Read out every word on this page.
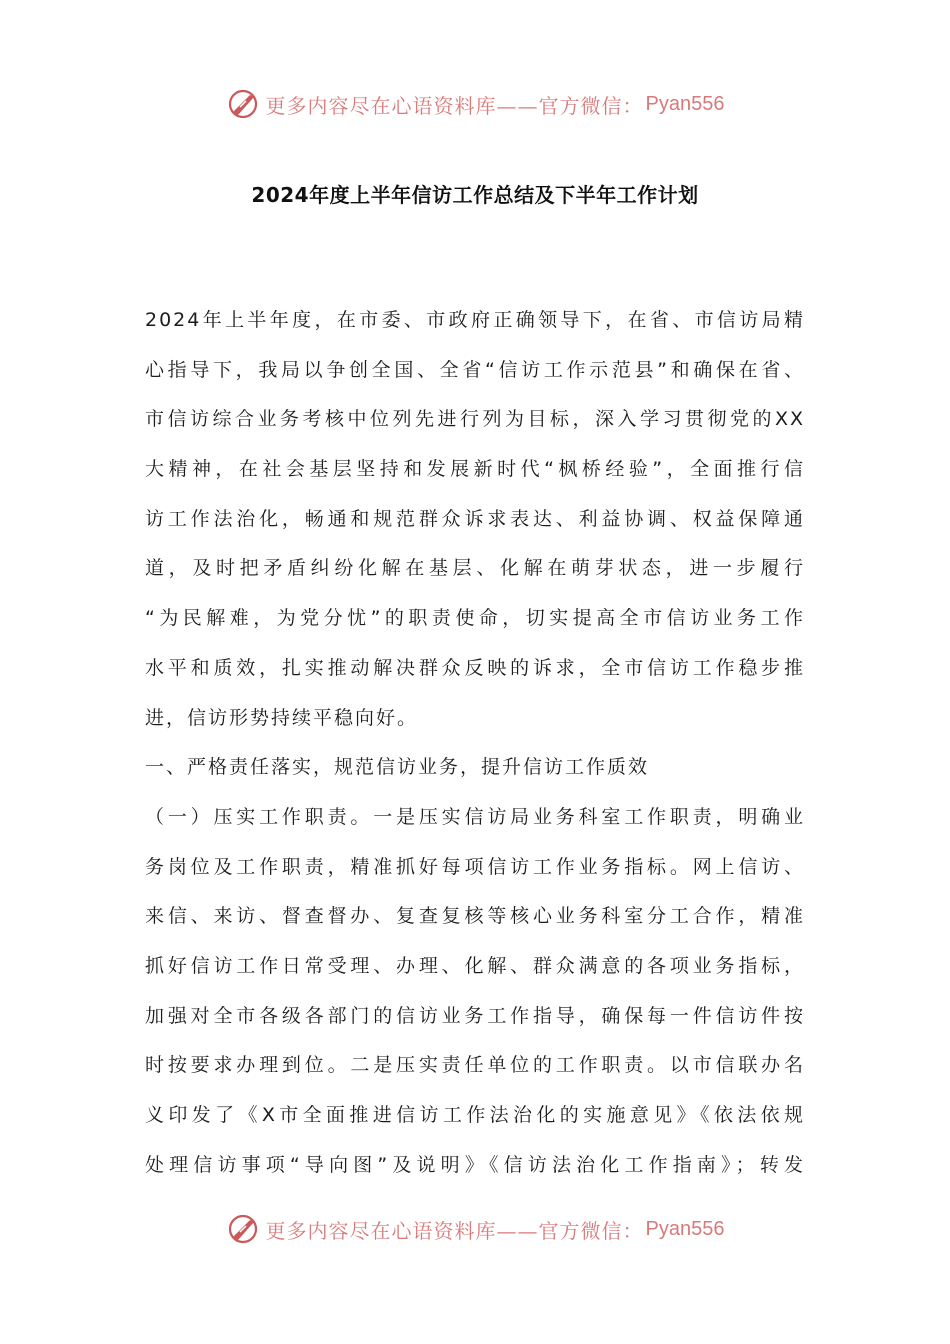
更多内容尽在心语资料库——官方微信： Pyan556
2024年度上半年信访工作总结及下半年工作计划
2024年上半年度，在市委、市政府正确领导下，在省、市信访局精
心指导下，我局以争创全国、全省“信访工作示范县”和确保在省、
市信访综合业务考核中位列先进行列为目标，深入学习贯彻党的XX
大精神，在社会基层坚持和发展新时代“枫桥经验”，全面推行信
访工作法治化，畅通和规范群众诉求表达、利益协调、权益保障通
道，及时把矛盾纠纷化解在基层、化解在萌芽状态，进一步履行
“为民解难，为党分忧”的职责使命，切实提高全市信访业务工作
水平和质效，扎实推动解决群众反映的诉求，全市信访工作稳步推
进，信访形势持续平稳向好。
一、严格责任落实，规范信访业务，提升信访工作质效
（一）压实工作职责。一是压实信访局业务科室工作职责，明确业
务岗位及工作职责，精准抓好每项信访工作业务指标。网上信访、
来信、来访、督查督办、复查复核等核心业务科室分工合作，精准
抓好信访工作日常受理、办理、化解、群众满意的各项业务指标，
加强对全市各级各部门的信访业务工作指导，确保每一件信访件按
时按要求办理到位。二是压实责任单位的工作职责。以市信联办名
义印发了《X市全面推进信访工作法治化的实施意见》《依法依规
处理信访事项“导向图”及说明》《信访法治化工作指南》；转发
更多内容尽在心语资料库——官方微信： Pyan556
